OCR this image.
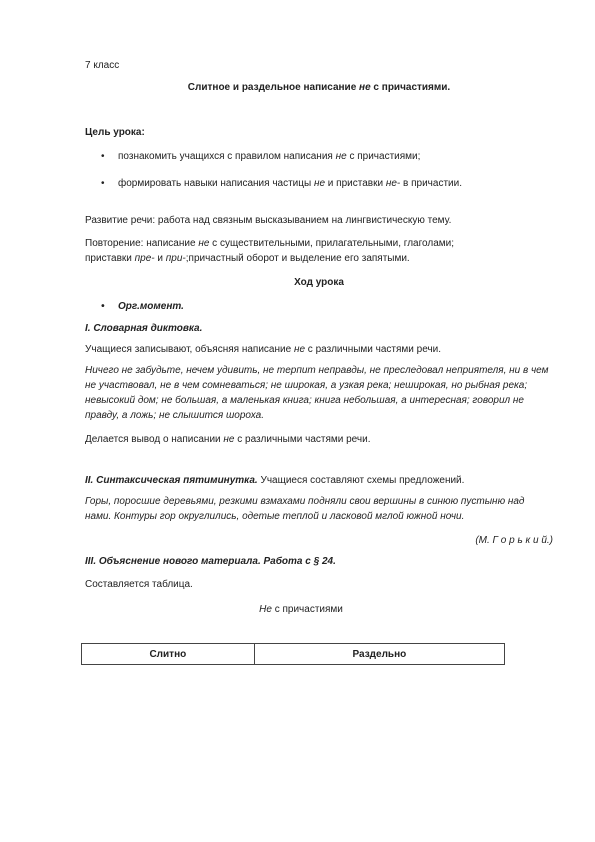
7 класс

Слитное и раздельное написание не с причастиями.

Цель урока:

• познакомить учащихся с правилом написания не с причастиями;
• формировать навыки написания частицы не и приставки не- в причастии.

Развитие речи: работа над связным высказыванием на лингвистическую тему.

Повторение: написание не с существительными, прилагательными, глаголами;
приставки пре- и при-;причастный оборот и выделение его запятыми.

Ход урока

• Орг.момент.

I. Словарная диктовка.

Учащиеся записывают, объясняя написание не с различными частями речи.

Ничего не забудьте, нечем удивить, не терпит неправды, не преследовал неприятеля, ни в чем не участвовал, не в чем сомневаться; не широкая, а узкая река; неширокая, но рыбная река; невысокий дом; не большая, а маленькая книга; книга небольшая, а интересная; говорил не правду, а ложь; не слышится шороха.

Делается вывод о написании не с различными частями речи.

II. Синтаксическая пятиминутка. Учащиеся составляют схемы предложений.

Горы, поросшие деревьями, резкими взмахами подняли свои вершины в синюю пустыню над нами. Контуры гор округлились, одетые теплой и ласковой мглой южной ночи.

(М. Г о р ь к и й.)

III. Объяснение нового материала. Работа с § 24.

Составляется таблица.

Не с причастиями

Слитно	Раздельно
